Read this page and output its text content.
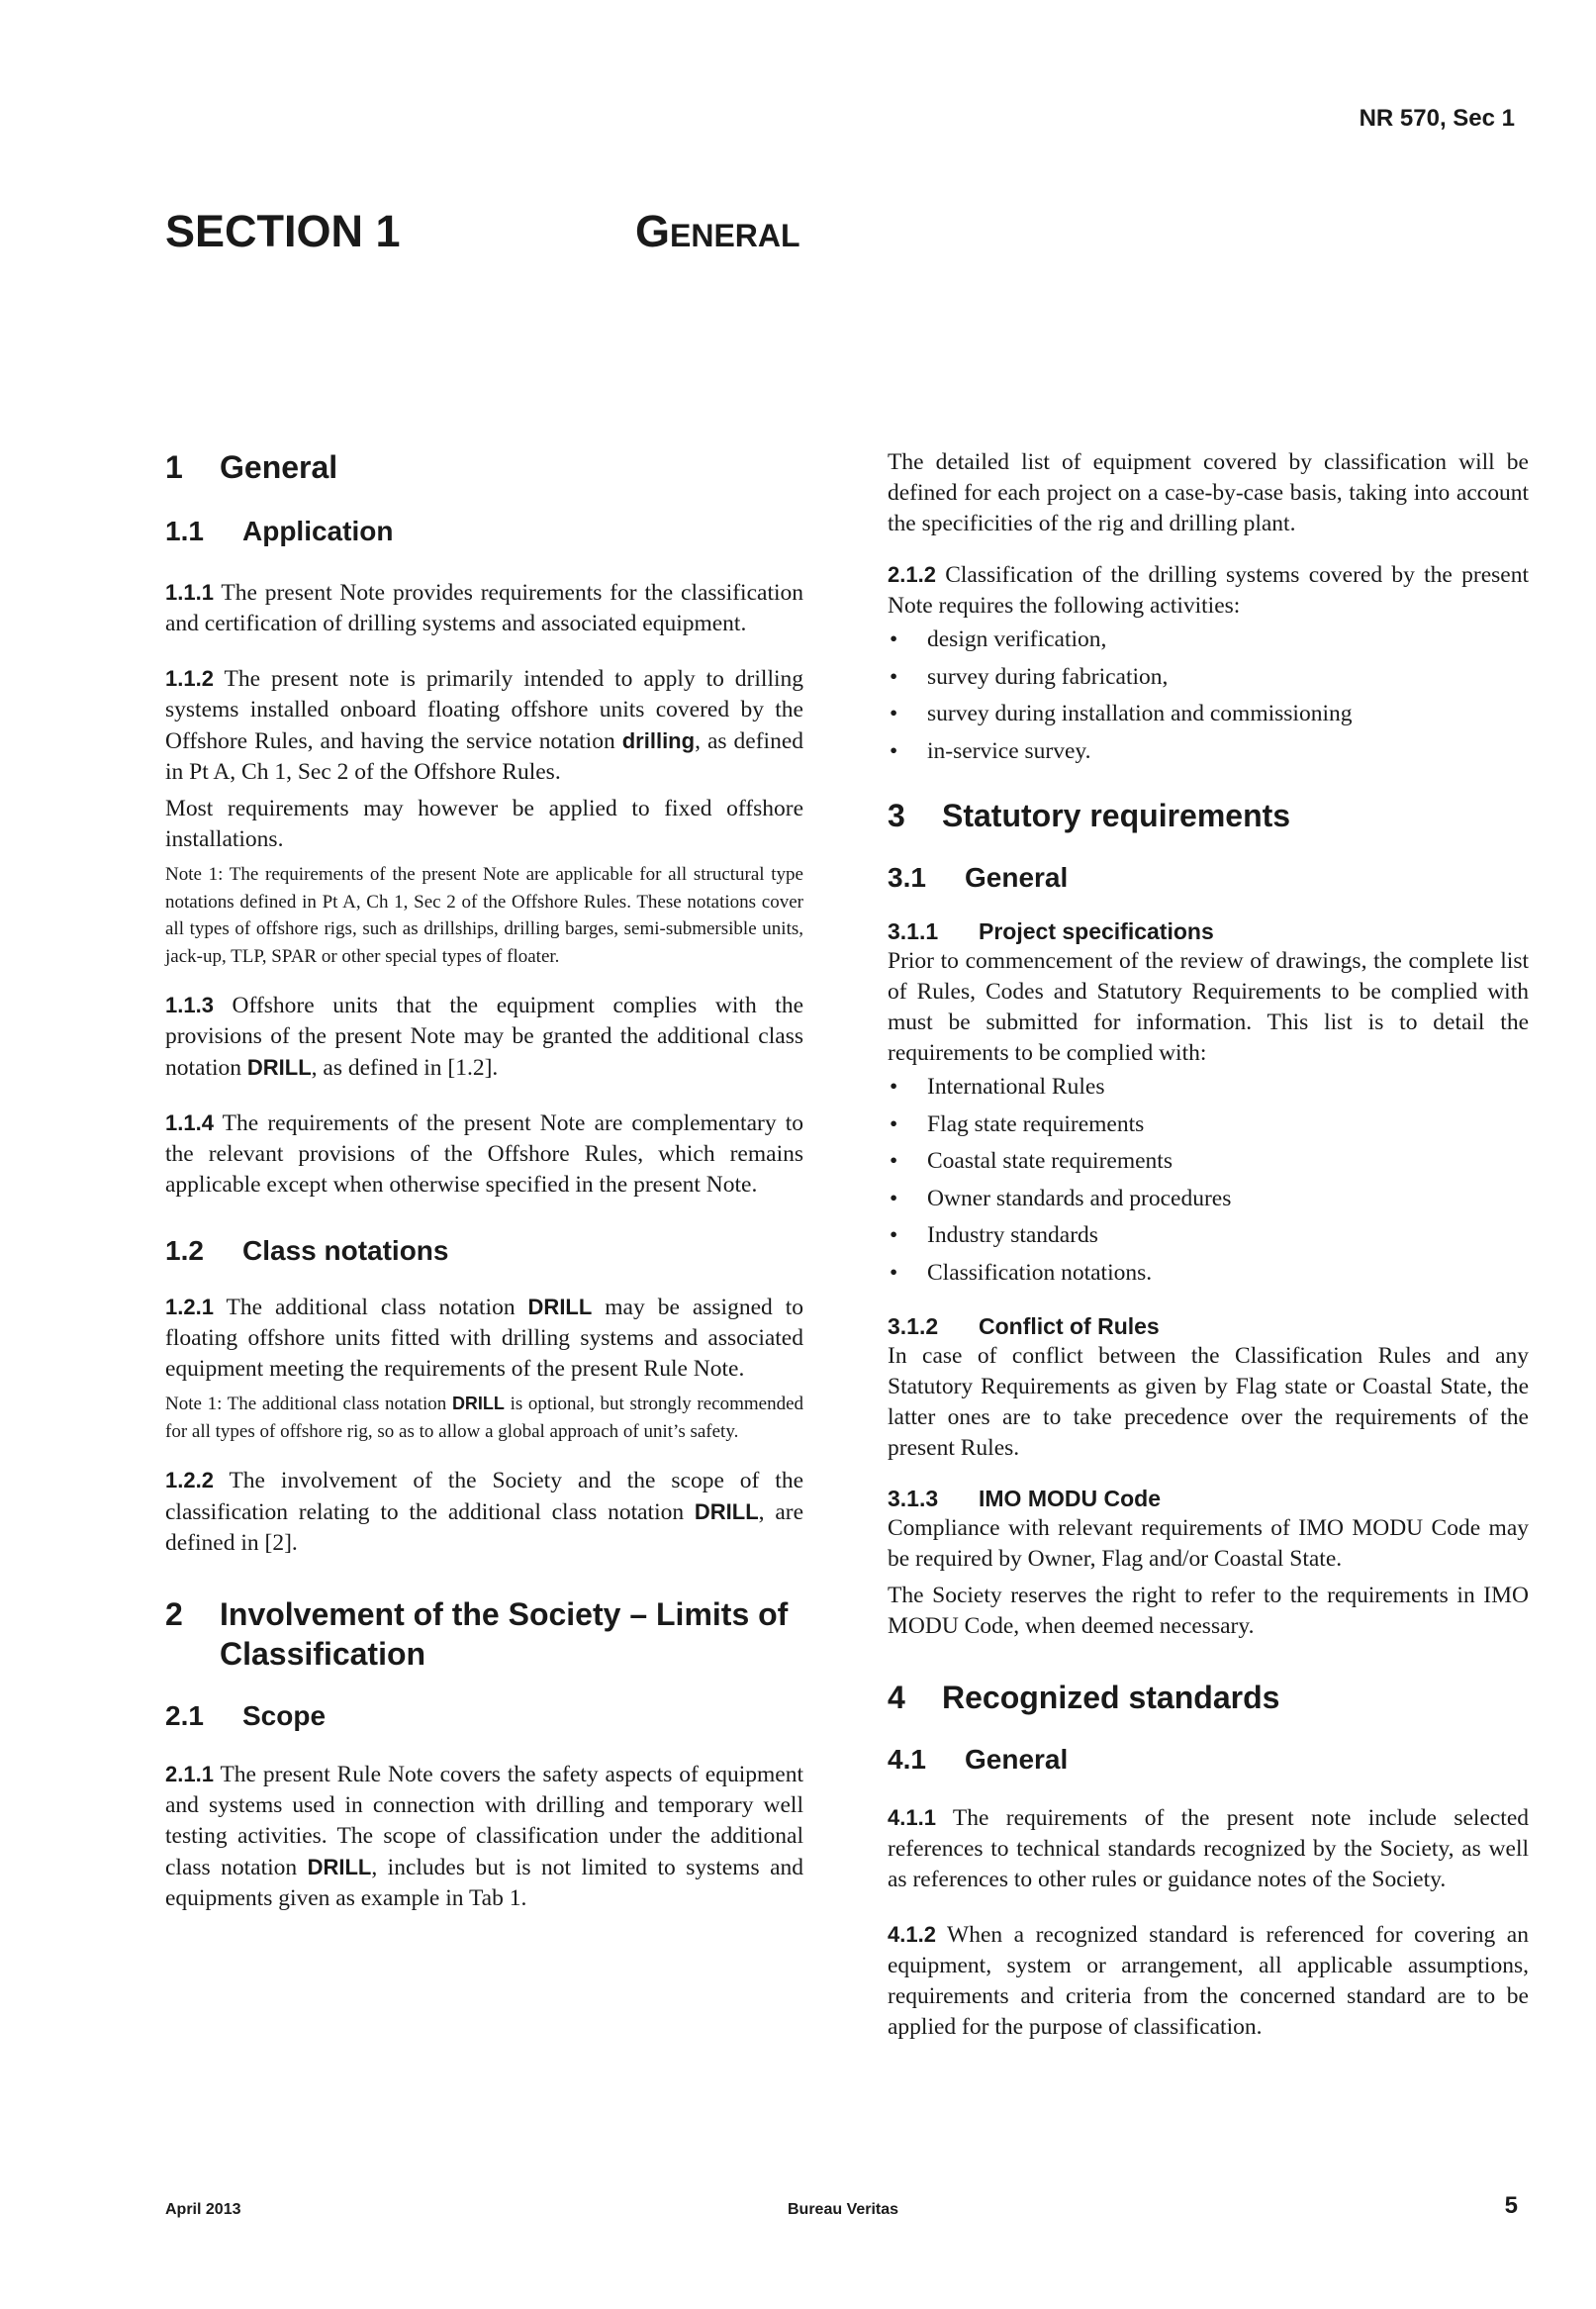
NR 570, Sec 1
SECTION 1	General
1	General
1.1	Application

1.1.1 The present Note provides requirements for the classification and certification of drilling systems and associated equipment.

1.1.2 The present note is primarily intended to apply to drilling systems installed onboard floating offshore units covered by the Offshore Rules, and having the service notation drilling, as defined in Pt A, Ch 1, Sec 2 of the Offshore Rules.

Most requirements may however be applied to fixed offshore installations.

Note 1: The requirements of the present Note are applicable for all structural type notations defined in Pt A, Ch 1, Sec 2 of the Offshore Rules. These notations cover all types of offshore rigs, such as drillships, drilling barges, semi-submersible units, jack-up, TLP, SPAR or other special types of floater.

1.1.3 Offshore units that the equipment complies with the provisions of the present Note may be granted the additional class notation DRILL, as defined in [1.2].

1.1.4 The requirements of the present Note are complementary to the relevant provisions of the Offshore Rules, which remains applicable except when otherwise specified in the present Note.

1.2	Class notations

1.2.1 The additional class notation DRILL may be assigned to floating offshore units fitted with drilling systems and associated equipment meeting the requirements of the present Rule Note.

Note 1: The additional class notation DRILL is optional, but strongly recommended for all types of offshore rig, so as to allow a global approach of unit’s safety.

1.2.2 The involvement of the Society and the scope of the classification relating to the additional class notation DRILL, are defined in [2].

2	Involvement of the Society – Limits of Classification
2.1	Scope

2.1.1 The present Rule Note covers the safety aspects of equipment and systems used in connection with drilling and temporary well testing activities. The scope of classification under the additional class notation DRILL, includes but is not limited to systems and equipments given as example in Tab 1.

The detailed list of equipment covered by classification will be defined for each project on a case-by-case basis, taking into account the specificities of the rig and drilling plant.

2.1.2 Classification of the drilling systems covered by the present Note requires the following activities:

• design verification,
• survey during fabrication,
• survey during installation and commissioning
• in-service survey.
3	Statutory requirements
3.1	General
3.1.1	Project specifications

Prior to commencement of the review of drawings, the complete list of Rules, Codes and Statutory Requirements to be complied with must be submitted for information. This list is to detail the requirements to be complied with:

• International Rules
• Flag state requirements
• Coastal state requirements
• Owner standards and procedures
• Industry standards
• Classification notations.
3.1.2	Conflict of Rules

In case of conflict between the Classification Rules and any Statutory Requirements as given by Flag state or Coastal State, the latter ones are to take precedence over the requirements of the present Rules.

3.1.3	IMO MODU Code

Compliance with relevant requirements of IMO MODU Code may be required by Owner, Flag and/or Coastal State.

The Society reserves the right to refer to the requirements in IMO MODU Code, when deemed necessary.

4	Recognized standards
4.1	General

4.1.1 The requirements of the present note include selected references to technical standards recognized by the Society, as well as references to other rules or guidance notes of the Society.

4.1.2 When a recognized standard is referenced for covering an equipment, system or arrangement, all applicable assumptions, requirements and criteria from the concerned standard are to be applied for the purpose of classification.

April 2013	Bureau Veritas	5
